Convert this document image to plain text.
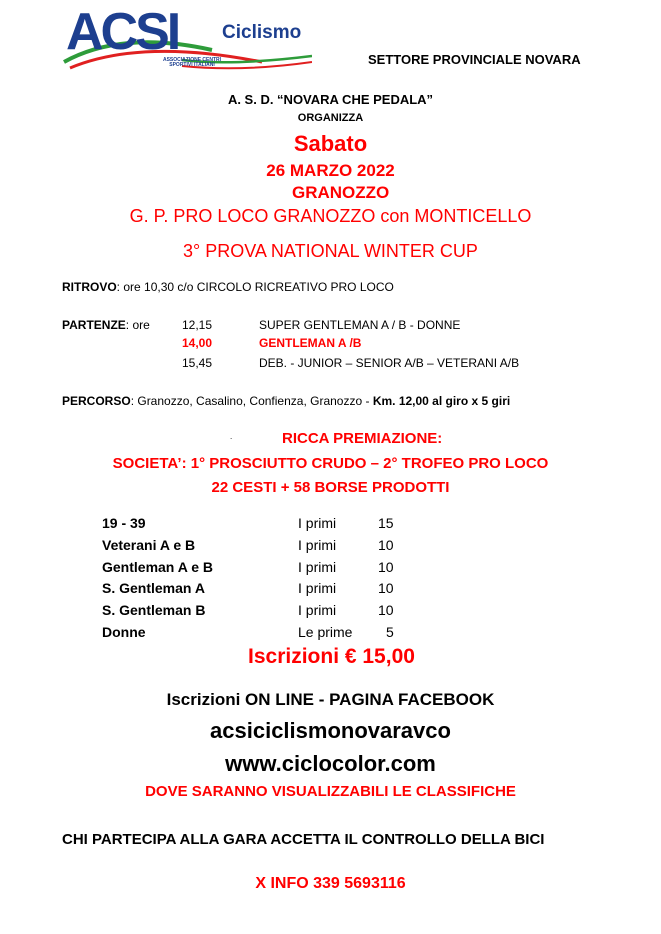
ACSI Ciclismo
ASSOCIAZIONE CENTRI SPORTIVI ITALIANI	SETTORE PROVINCIALE NOVARA
A. S. D. “NOVARA CHE PEDALA”
ORGANIZZA
Sabato
26 MARZO 2022
GRANOZZO
G. P. PRO LOCO GRANOZZO con MONTICELLO
3° PROVA NATIONAL WINTER CUP
RITROVO: ore 10,30 c/o CIRCOLO RICREATIVO PRO LOCO
PARTENZE: ore	12,15	SUPER GENTLEMAN A / B - DONNE
14,00	GENTLEMAN A /B
15,45	DEB. - JUNIOR – SENIOR A/B – VETERANI A/B
PERCORSO: Granozzo, Casalino, Confienza, Granozzo - Km. 12,00 al giro x 5 giri
.	RICCA PREMIAZIONE:
SOCIETA’: 1° PROSCIUTTO CRUDO – 2° TROFEO PRO LOCO
22 CESTI + 58 BORSE PRODOTTI
19 - 39	I primi	15
Veterani A e B	I primi	10
Gentleman A e B	I primi	10
S. Gentleman A	I primi	10
S. Gentleman B	I primi	10
Donne	Le prime 5
Iscrizioni € 15,00
Iscrizioni ON LINE - PAGINA FACEBOOK
acsiciclismonovaravco
www.ciclocolor.com
DOVE SARANNO VISUALIZZABILI LE CLASSIFICHE
CHI PARTECIPA ALLA GARA ACCETTA IL CONTROLLO DELLA BICI
X INFO 339 5693116
